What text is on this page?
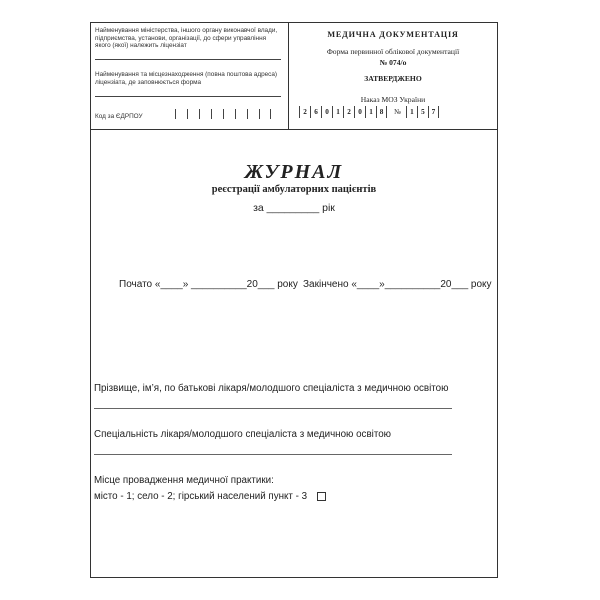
Найменування міністерства, іншого органу виконавчої влади, підприємства, установи, організації, до сфери управління якого (якої) належить ліцензіат
Найменування та місцезнаходження (повна поштова адреса) ліцензіата, де заповнюється форма
Код за ЄДРПОУ
МЕДИЧНА ДОКУМЕНТАЦІЯ
Форма первинної облікової документації
№ 074/о
ЗАТВЕРДЖЕНО
Наказ МОЗ України
2	6	0	1	2	0	1 8	№	1	5 7
ЖУРНАЛ
реєстрації амбулаторних пацієнтів
за _________ рік
Почато «____» __________20___ року Закінчено «____»__________20___ року
Прізвище, ім’я, по батькові лікаря/молодшого спеціаліста з медичною освітою
Спеціальність лікаря/молодшого спеціаліста з медичною освітою
Місце провадження медичної практики:
місто - 1; село - 2; гірський населений пункт - 3
